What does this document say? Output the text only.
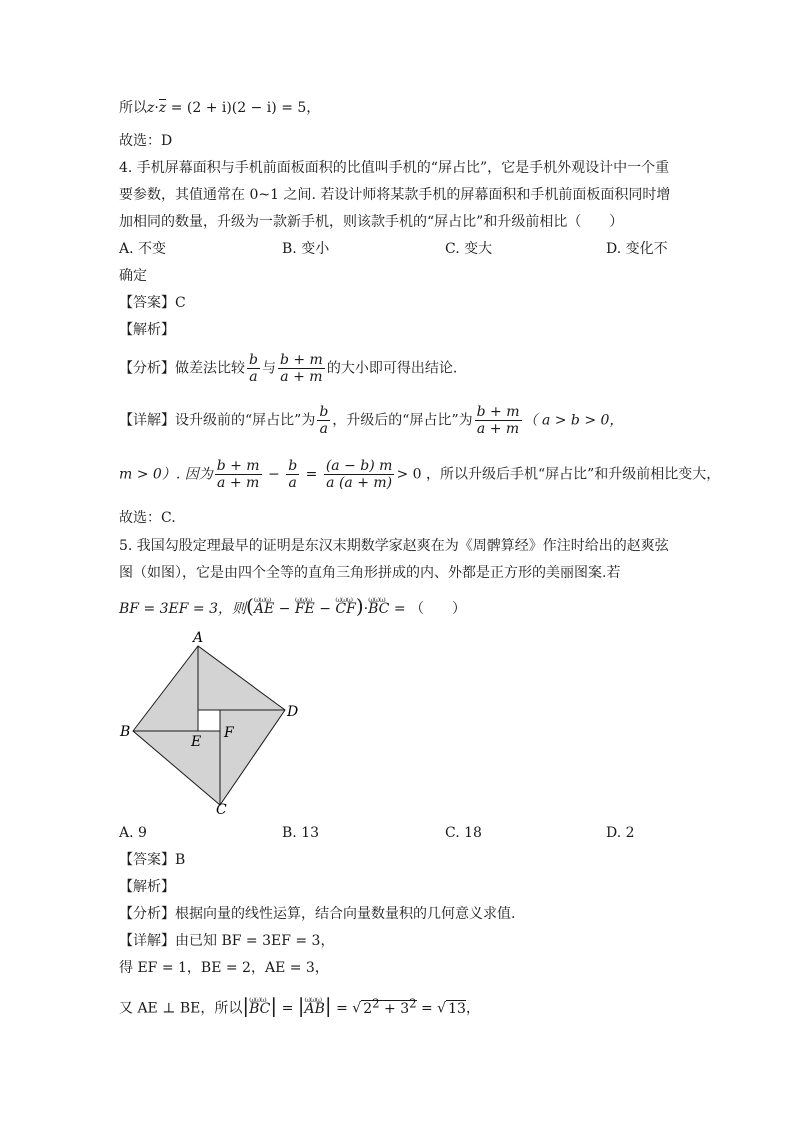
所以z·z = (2 + i)(2 − i) = 5，
故选：D
4. 手机屏幕面积与手机前面板面积的比值叫手机的“屏占比”，它是手机外观设计中一个重
要参数，其值通常在 0~1 之间. 若设计师将某款手机的屏幕面积和手机前面板面积同时增
加相同的数量，升级为一款新手机，则该款手机的“屏占比”和升级前相比（　　）
A. 不变	B. 变小	C. 变大	D. 变化不
确定
【答案】C
【解析】
【分析】做差法比较 $\frac{b}{a}$ 与 $\frac{b + m}{a + m}$ 的大小即可得出结论.
【详解】设升级前的“屏占比”为 $\frac{b}{a}$ ，升级后的“屏占比”为 $\frac{b + m}{a + m}$ （ a > b > 0，
m > 0）. 因为 $\frac{b + m}{a + m} - \frac{b}{a} = \frac{(a - b) m}{a (a + m)} > 0$ ，所以升级后手机“屏占比”和升级前相比变大，
故选：C.
5. 我国勾股定理最早的证明是东汉末期数学家赵爽在为《周髀算经》作注时给出的赵爽弦
图（如图），它是由四个全等的直角三角形拼成的内、外都是正方形的美丽图案.若
BF = 3EF = 3，则(ωωω AE − ωωω FE − ωωω CF)·ωωω BC = （　　）
A
B
C
D
E
F
A. 9	B. 13	C. 18	D. 2
【答案】B
【解析】
【分析】根据向量的线性运算，结合向量数量积的几何意义求值.
【详解】由已知 BF = 3EF = 3，
得 EF = 1，BE = 2，AE = 3，
又 AE ⊥ BE，所以|ωωω BC| = |ωωω AB| = √ $2^2 + 3^2$ = √ 13，
